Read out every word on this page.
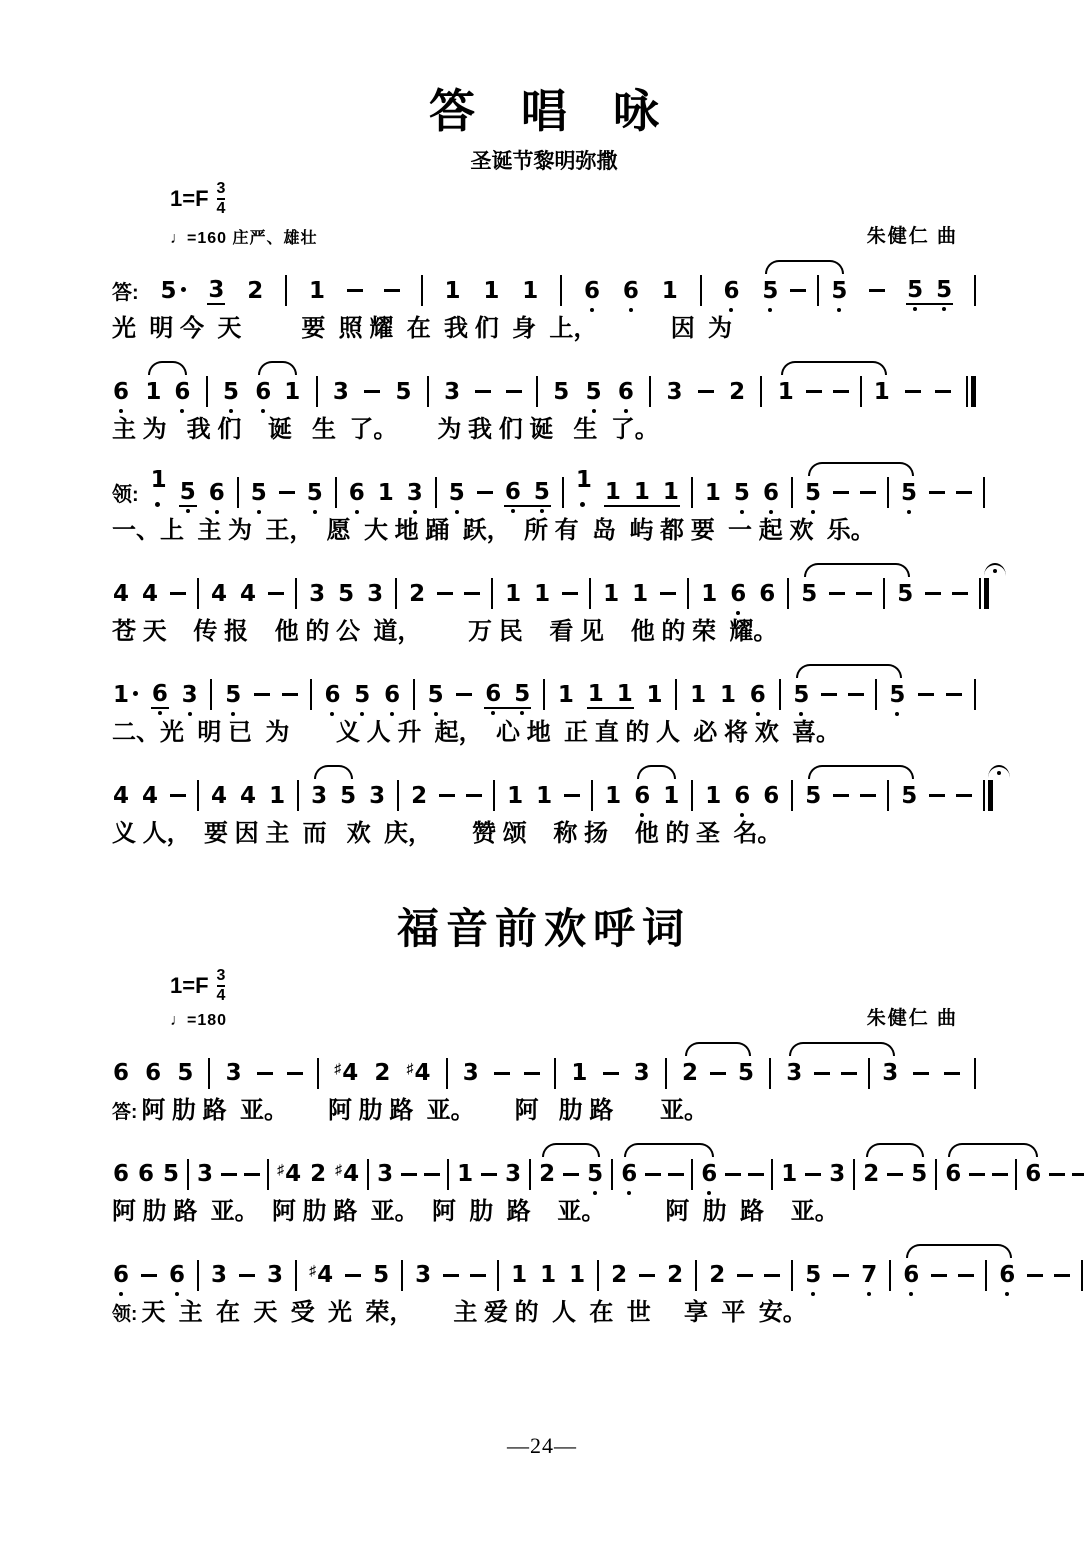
答　唱　咏
圣诞节黎明弥撒
1=F 3
4
♩=160 庄严、雄壮	朱健仁 曲
答: 5	3 2 1	1 1 1 6 6 1 6 5 5	5 5
光  明 今  天         要  照 耀  在  我 们  身  上，           因  为
6 1 6 5 6 1 3 5 3	5 5 6 3 2 1	1
主 为   我 们    诞   生  了。      为 我 们 诞   生  了。
领:
1 5 6 5 5 6 1 3 5 6 5 1 1 1 1 1 5 6 5	5
一、上  主 为  王，  愿  大 地 踊  跃，  所 有  岛  屿 都 要  一 起 欢  乐。
4 4 4 4 3 5 3 2	1 1 1 1 1 6 6 5	5
苍 天    传 报    他 的 公  道，       万 民    看 见    他 的 荣  耀。
1 6 3 5	6 5 6 5 6 5 1 1 1 1 1 1 6 5	5
二、光  明 已  为       义 人 升  起，  心 地  正 直 的 人  必 将 欢  喜。
4 4 4 4 1 3 5 3 2	1 1 1 6 1 1 6 6 5	5
义 人，  要 因 主  而   欢  庆，      赞 颂    称 扬    他 的 圣  名。
福音前欢呼词
1=F 3
4
♩=180	朱健仁 曲
6 6 5 3	♯4 2 ♯4 3	1 3 2 5 3	3
答: 阿 肋 路  亚。      阿 肋 路  亚。      阿   肋 路       亚。
6 6 5 3	♯4 2 ♯4 3	1 3 2 5 6	6	1 3 2 5 6	6
阿 肋 路  亚。  阿 肋 路  亚。  阿  肋  路    亚。         阿  肋  路    亚。
6 6 3 3 ♯4 5 3	1 1 1 2 2 2	5 7 6	6
领: 天  主  在  天  受  光  荣，      主 爱 的  人  在  世     享  平  安。
—24—
